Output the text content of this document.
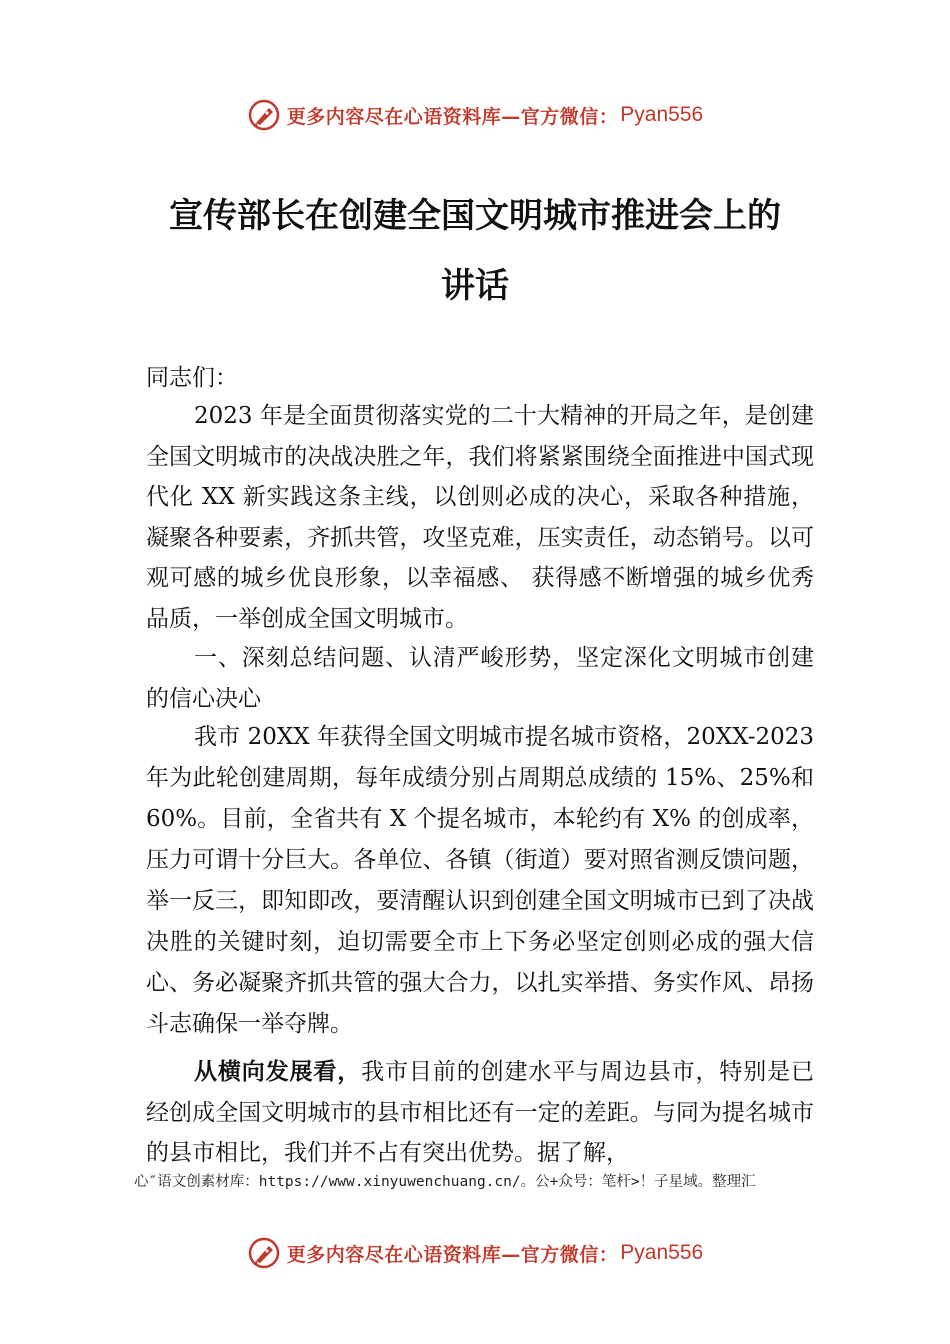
更多内容尽在心语资料库—官方微信： Pyan556
宣传部长在创建全国文明城市推进会上的
讲话

同志们：

2023 年是全面贯彻落实党的二十大精神的开局之年，是创建全国文明城市的决战决胜之年，我们将紧紧围绕全面推进中国式现代化 XX 新实践这条主线，以创则必成的决心，采取各种措施，凝聚各种要素，齐抓共管，攻坚克难，压实责任，动态销号。以可观可感的城乡优良形象，以幸福感、 获得感不断增强的城乡优秀品质，一举创成全国文明城市。

一、深刻总结问题、认清严峻形势，坚定深化文明城市创建的信心决心

我市 20XX 年获得全国文明城市提名城市资格，20XX-2023 年为此轮创建周期，每年成绩分别占周期总成绩的 15%、25%和 60%。目前，全省共有 X 个提名城市，本轮约有 X% 的创成率，压力可谓十分巨大。各单位、各镇（街道）要对照省测反馈问题，举一反三，即知即改，要清醒认识到创建全国文明城市已到了决战决胜的关键时刻，迫切需要全市上下务必坚定创则必成的强大信心、务必凝聚齐抓共管的强大合力，以扎实举措、务实作风、昂扬斗志确保一举夺牌。

从横向发展看，我市目前的创建水平与周边县市，特别是已经创成全国文明城市的县市相比还有一定的差距。与同为提名城市的县市相比，我们并不占有突出优势。据了解，

心″语文创素材库：https://www.xinyuwenchuang.cn/。公+众号：笔杆>！子星域。整理汇
更多内容尽在心语资料库—官方微信： Pyan556
